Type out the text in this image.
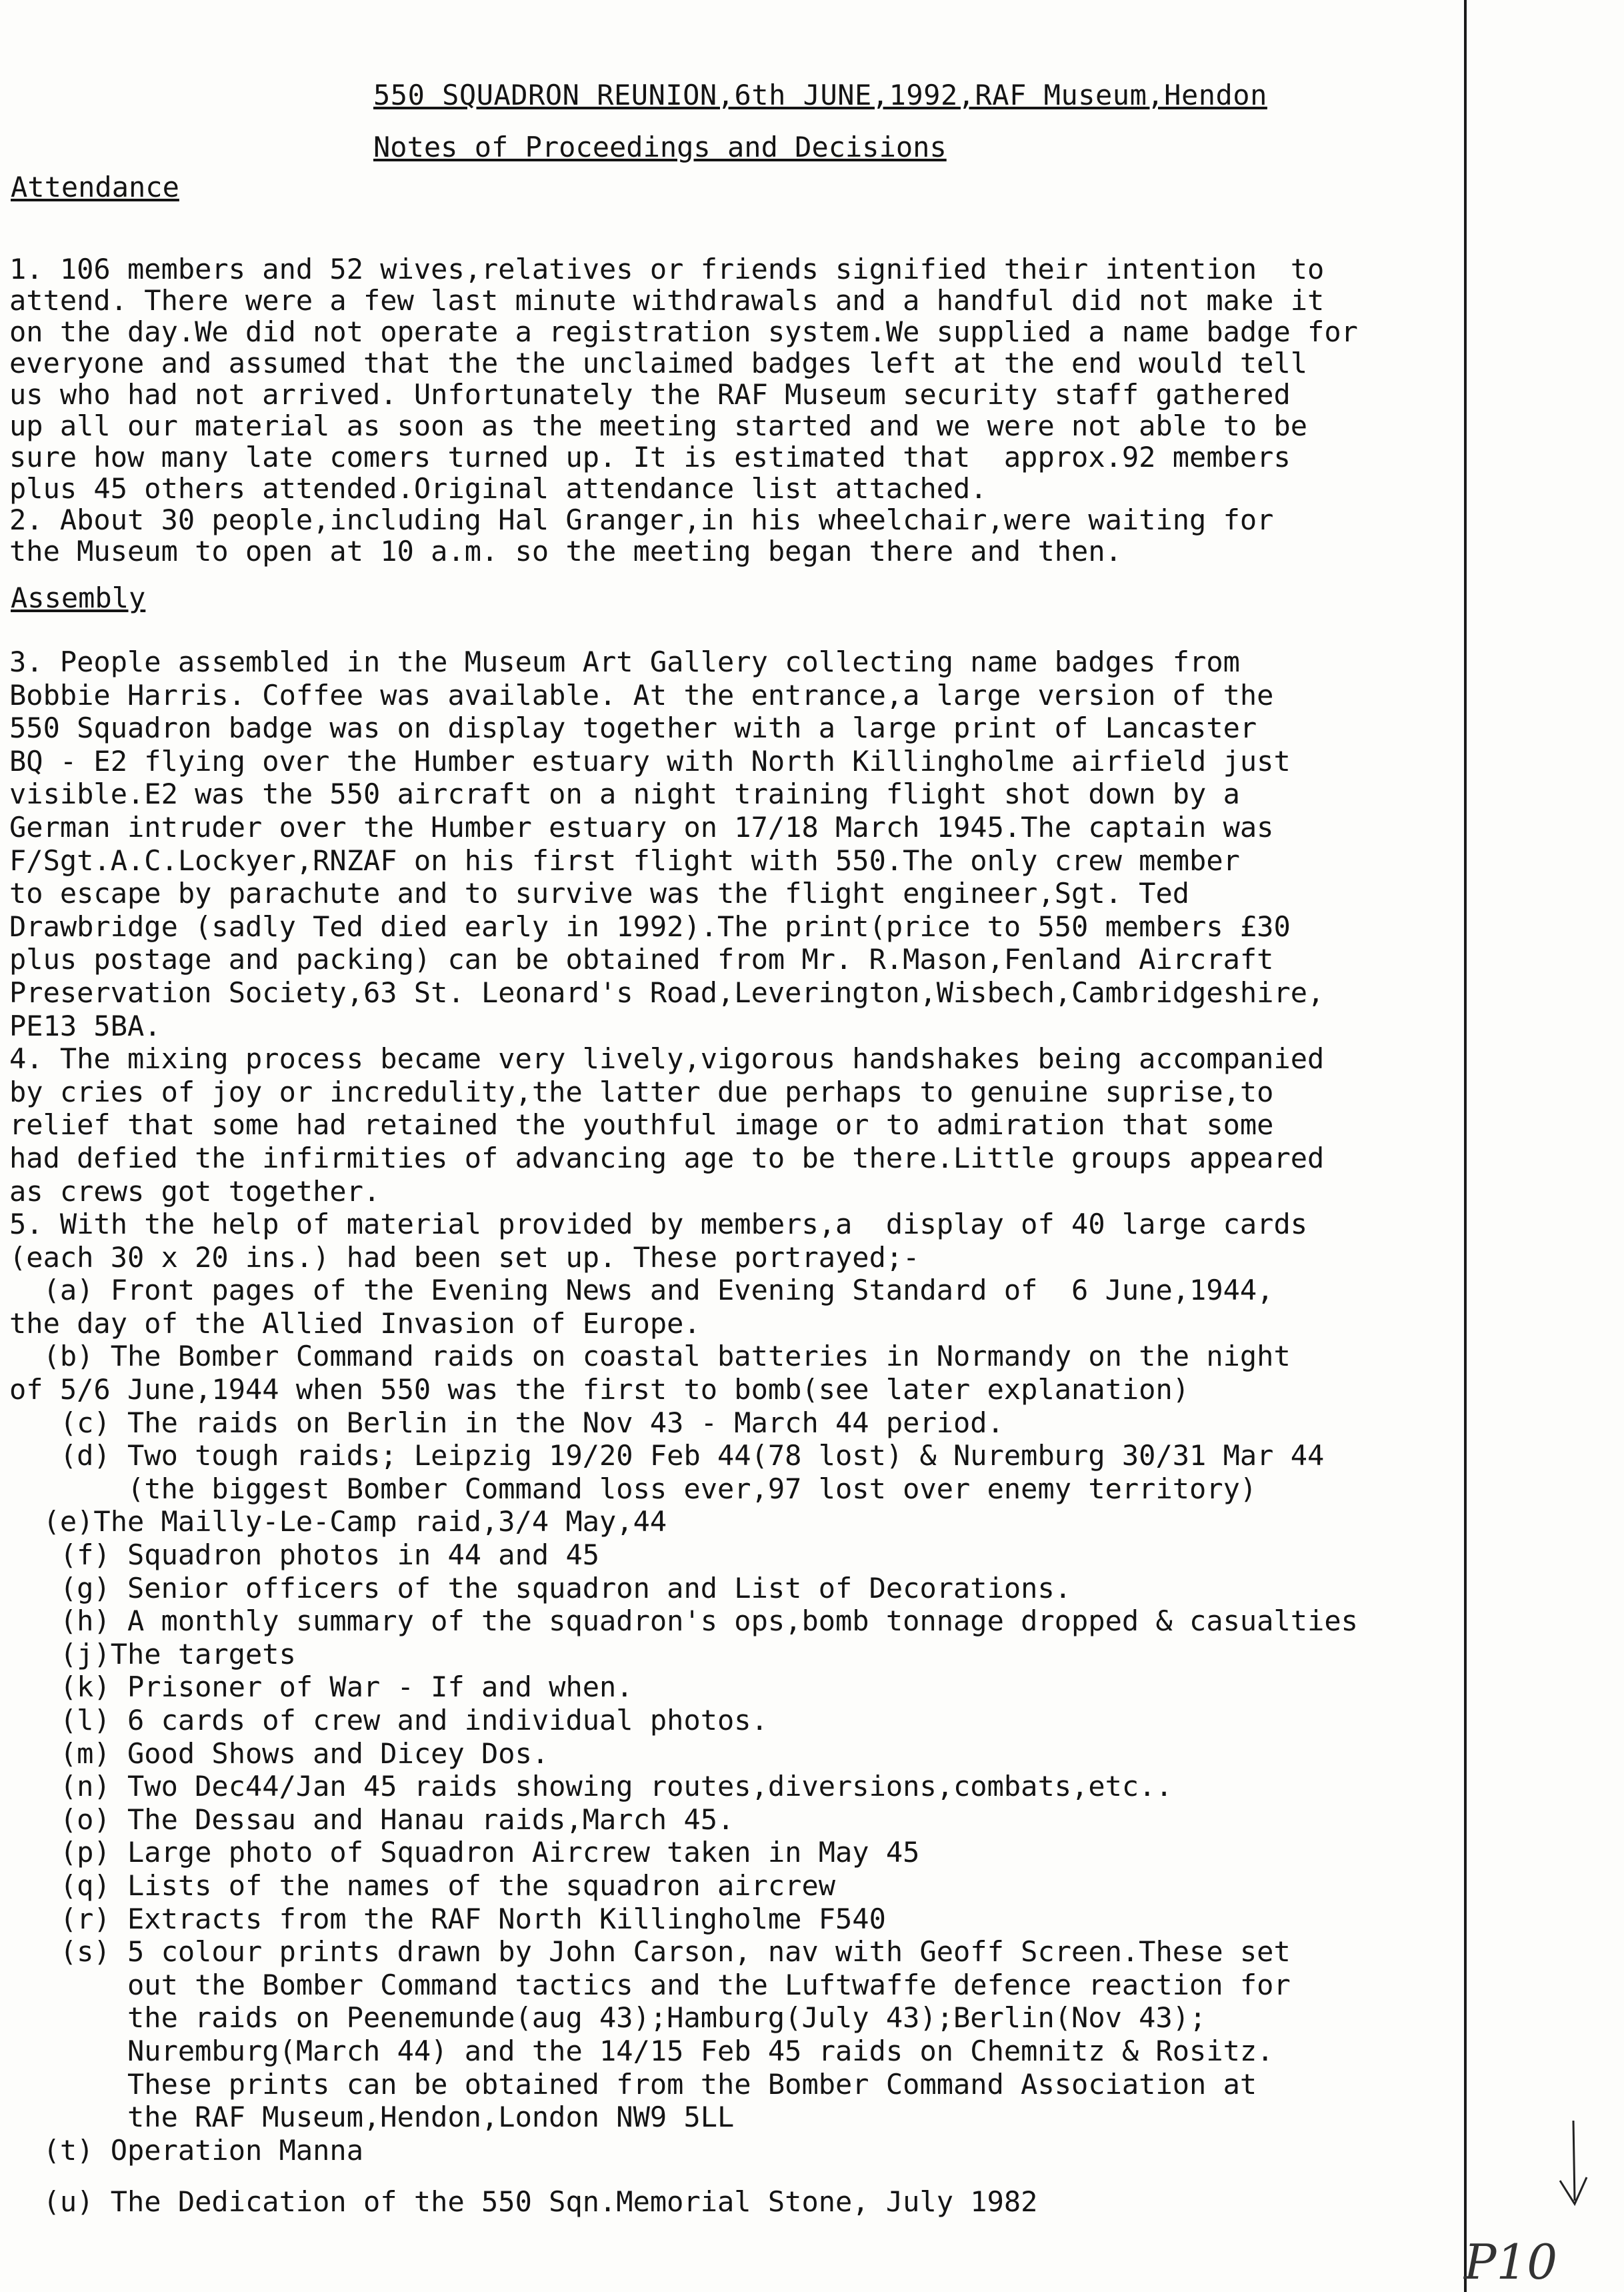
550 SQUADRON REUNION,6th JUNE,1992,RAF Museum,Hendon
Notes of Proceedings and Decisions
Attendance
1. 106 members and 52 wives,relatives or friends signified their intention  to
attend. There were a few last minute withdrawals and a handful did not make it
on the day.We did not operate a registration system.We supplied a name badge for
everyone and assumed that the the unclaimed badges left at the end would tell
us who had not arrived. Unfortunately the RAF Museum security staff gathered
up all our material as soon as the meeting started and we were not able to be
sure how many late comers turned up. It is estimated that  approx.92 members
plus 45 others attended.Original attendance list attached.
2. About 30 people,including Hal Granger,in his wheelchair,were waiting for
the Museum to open at 10 a.m. so the meeting began there and then.
Assembly
3. People assembled in the Museum Art Gallery collecting name badges from
Bobbie Harris. Coffee was available. At the entrance,a large version of the
550 Squadron badge was on display together with a large print of Lancaster
BQ - E2 flying over the Humber estuary with North Killingholme airfield just
visible.E2 was the 550 aircraft on a night training flight shot down by a
German intruder over the Humber estuary on 17/18 March 1945.The captain was
F/Sgt.A.C.Lockyer,RNZAF on his first flight with 550.The only crew member
to escape by parachute and to survive was the flight engineer,Sgt. Ted
Drawbridge (sadly Ted died early in 1992).The print(price to 550 members £30
plus postage and packing) can be obtained from Mr. R.Mason,Fenland Aircraft
Preservation Society,63 St. Leonard's Road,Leverington,Wisbech,Cambridgeshire,
PE13 5BA.
4. The mixing process became very lively,vigorous handshakes being accompanied
by cries of joy or incredulity,the latter due perhaps to genuine suprise,to
relief that some had retained the youthful image or to admiration that some
had defied the infirmities of advancing age to be there.Little groups appeared
as crews got together.
5. With the help of material provided by members,a  display of 40 large cards
(each 30 x 20 ins.) had been set up. These portrayed;-
(a) Front pages of the Evening News and Evening Standard of  6 June,1944,
the day of the Allied Invasion of Europe.
(b) The Bomber Command raids on coastal batteries in Normandy on the night
of 5/6 June,1944 when 550 was the first to bomb(see later explanation)
(c) The raids on Berlin in the Nov 43 - March 44 period.
(d) Two tough raids; Leipzig 19/20 Feb 44(78 lost) & Nuremburg 30/31 Mar 44
(the biggest Bomber Command loss ever,97 lost over enemy territory)
(e)The Mailly-Le-Camp raid,3/4 May,44
(f) Squadron photos in 44 and 45
(g) Senior officers of the squadron and List of Decorations.
(h) A monthly summary of the squadron's ops,bomb tonnage dropped & casualties
(j)The targets
(k) Prisoner of War - If and when.
(l) 6 cards of crew and individual photos.
(m) Good Shows and Dicey Dos.
(n) Two Dec44/Jan 45 raids showing routes,diversions,combats,etc..
(o) The Dessau and Hanau raids,March 45.
(p) Large photo of Squadron Aircrew taken in May 45
(q) Lists of the names of the squadron aircrew
(r) Extracts from the RAF North Killingholme F540
(s) 5 colour prints drawn by John Carson, nav with Geoff Screen.These set
out the Bomber Command tactics and the Luftwaffe defence reaction for
the raids on Peenemunde(aug 43);Hamburg(July 43);Berlin(Nov 43);
Nuremburg(March 44) and the 14/15 Feb 45 raids on Chemnitz & Rositz.
These prints can be obtained from the Bomber Command Association at
the RAF Museum,Hendon,London NW9 5LL
(t) Operation Manna
(u) The Dedication of the 550 Sqn.Memorial Stone, July 1982
P10
